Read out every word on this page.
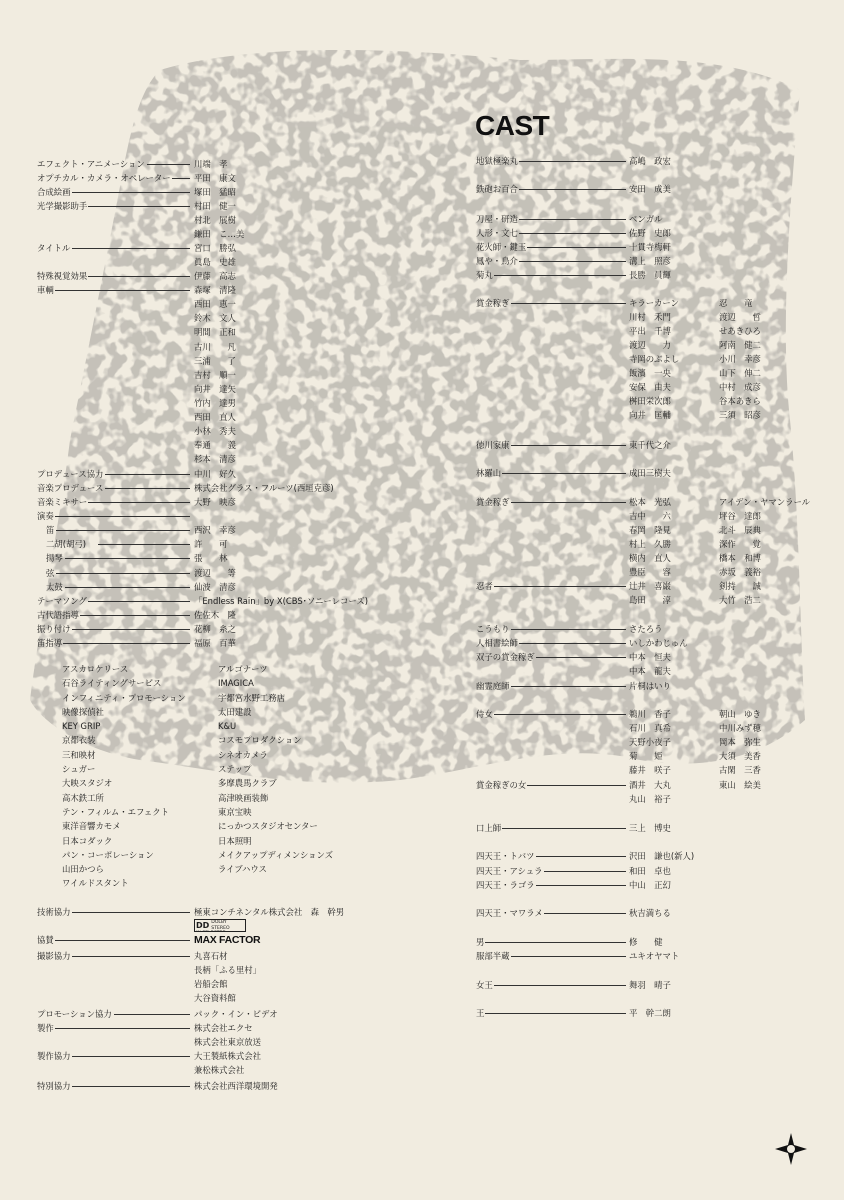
CAST
エフェクト・アニメーション	川端　孝
オプチカル・カメラ・オペレーター	平田　康文
合成絵画	塚田　猛昭
光学撮影助手	村田　健一
村北　展樹
鎌田　こ…美
タイトル	宮口　勝弘
眞島　史雄
特殊視覚効果	伊藤　高志
車輌	森塚　清隆
西田　恵一
鈴木　文人
明間　正和
古川　　凡
三浦　　了
吉村　順一
向井　達矢
竹内　達男
西田　直人
小林　秀夫
奉通　　義
杉本　清彦
プロデュース協力	中川　好久
音楽プロデュース	株式会社グラス・フルーツ(西垣克彦)
音楽ミキサー	大野　映彦
演奏
笛	西沢　幸彦
二胡(胡弓)	許　　可
揚琴	張　　林
弦	渡辺　　等
太鼓	仙波　清彦
テーマソング	「Endless Rain」by X(CBS･ソニーレコーズ)
古代語指導	佐佐木　隆
振り付け	花柳　糸之
笛指導	福原　百華
アスカロケリース
石谷ライティングサービス
インフィニティ・プロモーション
映像探偵社
KEY GRIP
京都衣装
三和映材
シュガー
大映スタジオ
高木鉄工所
テン・フィルム・エフェクト
東洋音響カモメ
日本コダック
パン・コーポレーション
山田かつら
ワイルドスタント
アルゴナーツ
IMAGICA
宇都宮水野工務店
太田建設
K&U
コスモプロダクション
シネオカメラ
ステップ
多摩農馬クラブ
高津映画装飾
東京宝映
にっかつスタジオセンター
日本照明
メイクアップディメンションズ
ライブハウス
技術協力	極東コンチネンタル株式会社　森　幹男
協賛
撮影協力	丸喜石材
長柄「ふる里村」
岩船会館
大谷資料館
プロモーション協力	パック・イン・ビデオ
製作	株式会社エクセ
株式会社東京放送
製作協力	大王製紙株式会社
兼松株式会社
特別協力	株式会社西洋環境開発
DD DOLBY STEREO
MAX FACTOR
地獄極楽丸	高嶋　政宏
鉄砲お百合	安田　成美
刀屋・研造	ベンガル
人形・文七	佐野　史郎
花火師・鍵玉	十貫寺梅軒
鳳や・鳥介	溝上　照彦
菊丸	長勝　員輝
賞金稼ぎ	キラーカーン	忍　　竜
川村　禾門	渡辺　　哲
平出　千博	せあきひろ
渡辺　　力	阿南　健二
寺岡のぶよし	小川　幸彦
飯濱　一央	山下　伸二
安保　由夫	中村　成彦
桝田栄次郎	谷本あきら
向井　匡輔	三須　昭彦
徳川家康	東千代之介
林羅山	成田三樹夫
賞金稼ぎ	松本　光弘	アイデン・ヤマンラール
吉中　　六	坪谷　達郎
春岡　隆見	北斗　辰典
村上　久勝	深作　　覚
横内　直人	橋本　和博
豊臣　　容	赤坂　義裕
忍者	辻井　喜巌	剣持　　誠
島田　　淳	大竹　浩二
こうもり	さたろう
人相書絵師	いしかわじゅん
双子の賞金稼ぎ	中本　恒夫
中本　龍夫
幽霊庭師	片桐はいり
侍女	鵜川　香子	朝山　ゆき
石川　真希	中川みず穂
天野小夜子	岡本　弥生
菊　　姫	大須　美香
藤井　咲子	古閑　三香
賞金稼ぎの女	酒井　大丸	東山　絵美
丸山　裕子
口上師	三上　博史
四天王・トバツ	沢田　謙也(新人)
四天王・アシュラ	和田　卓也
四天王・ラゴラ	中山　正幻
四天王・マワラメ	秋吉満ちる
男	修　　健
服部半蔵	ユキオヤマト
女王	舞羽　晴子
王	平　幹二朗
